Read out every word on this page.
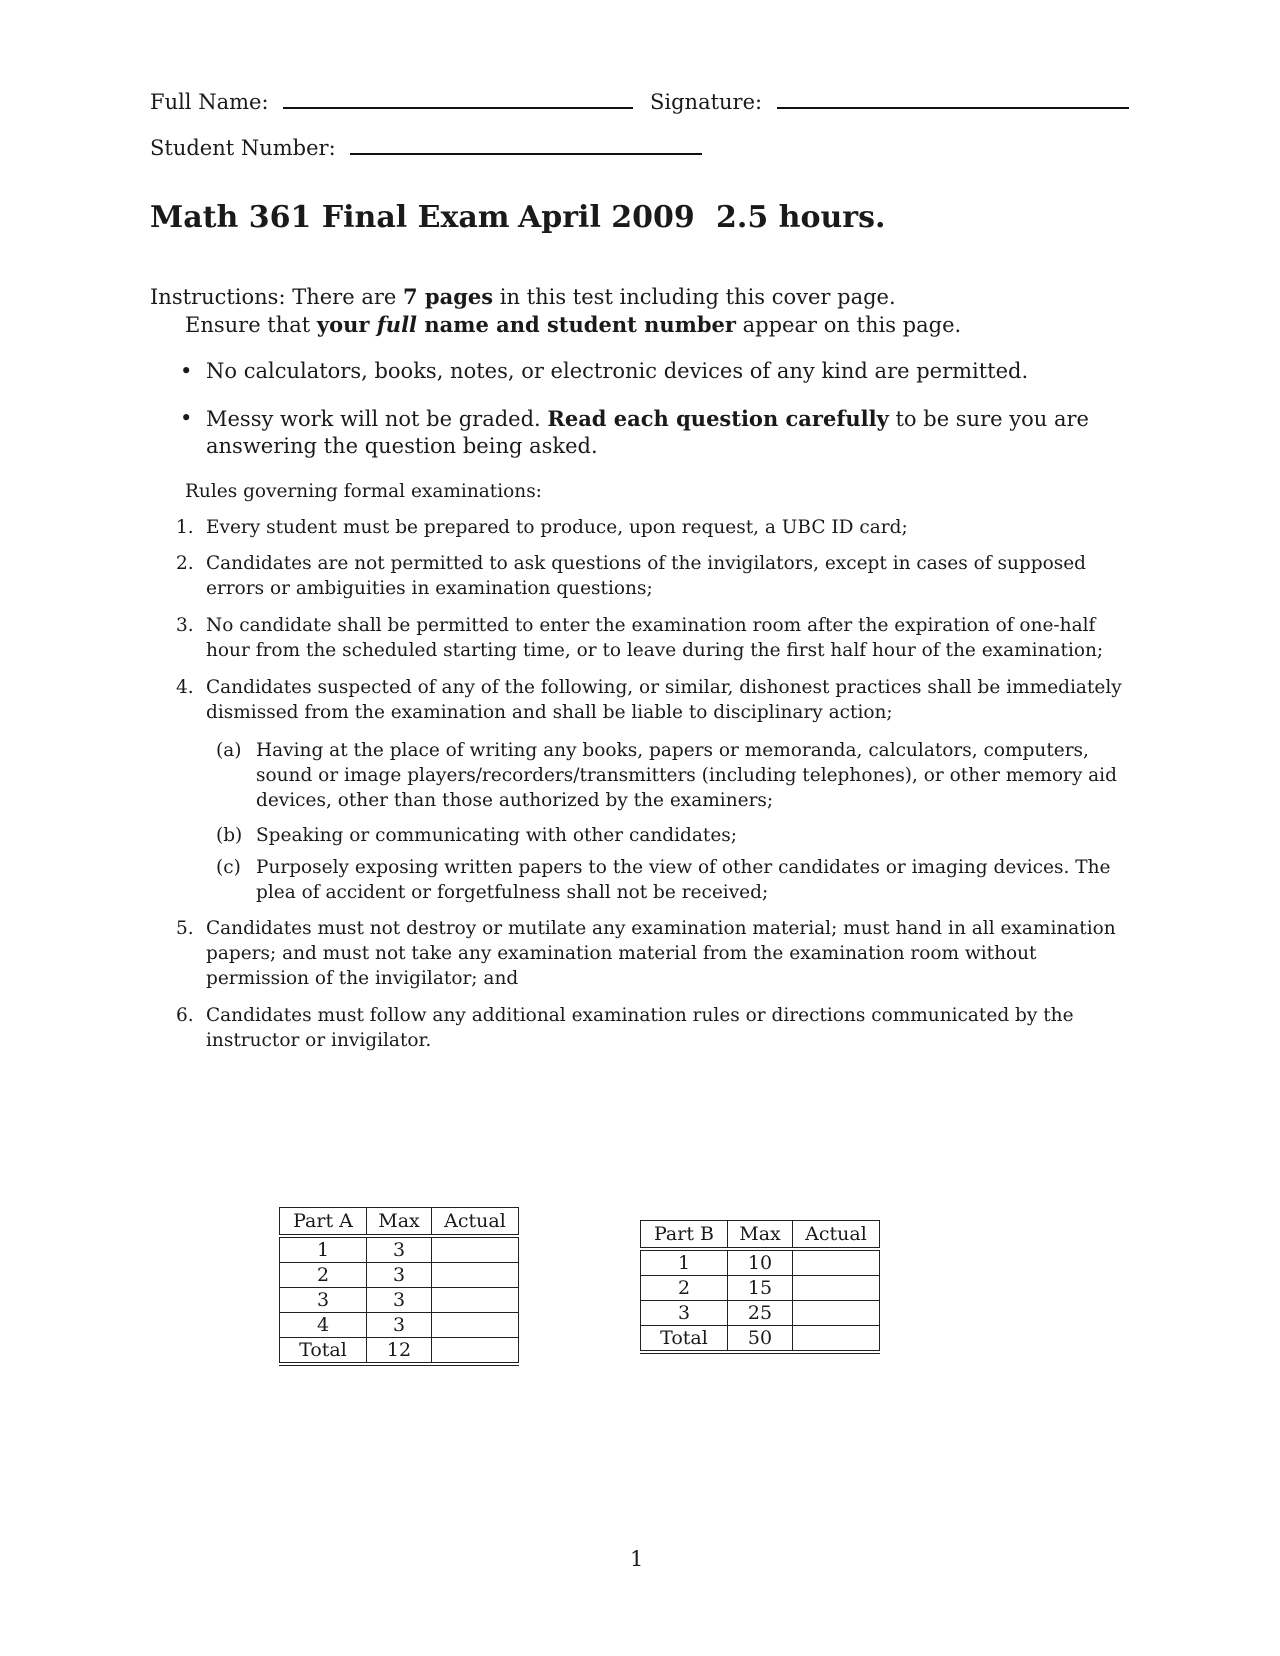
Full Name:	Signature:
Student Number:
Math 361 Final Exam April 2009 2.5 hours.
Instructions: There are 7 pages in this test including this cover page.
Ensure that your full name and student number appear on this page.
• No calculators, books, notes, or electronic devices of any kind are permitted.
• Messy work will not be graded. Read each question carefully to be sure you are answering the question being asked.
Rules governing formal examinations:
1. Every student must be prepared to produce, upon request, a UBC ID card;
2. Candidates are not permitted to ask questions of the invigilators, except in cases of supposed errors or ambiguities in examination questions;
3. No candidate shall be permitted to enter the examination room after the expiration of one-half hour from the scheduled starting time, or to leave during the first half hour of the examination;
4. Candidates suspected of any of the following, or similar, dishonest practices shall be immediately dismissed from the examination and shall be liable to disciplinary action;
(a) Having at the place of writing any books, papers or memoranda, calculators, computers, sound or image players/recorders/transmitters (including telephones), or other memory aid devices, other than those authorized by the examiners;
(b) Speaking or communicating with other candidates;
(c) Purposely exposing written papers to the view of other candidates or imaging devices. The plea of accident or forgetfulness shall not be received;
5. Candidates must not destroy or mutilate any examination material; must hand in all examination papers; and must not take any examination material from the examination room without permission of the invigilator; and
6. Candidates must follow any additional examination rules or directions communicated by the instructor or invigilator.
Part A	Max	Actual
1	3	
2	3	
3	3	
4	3	
Total	12	
Part B	Max	Actual
1	10	
2	15	
3	25	
Total	50	
1
